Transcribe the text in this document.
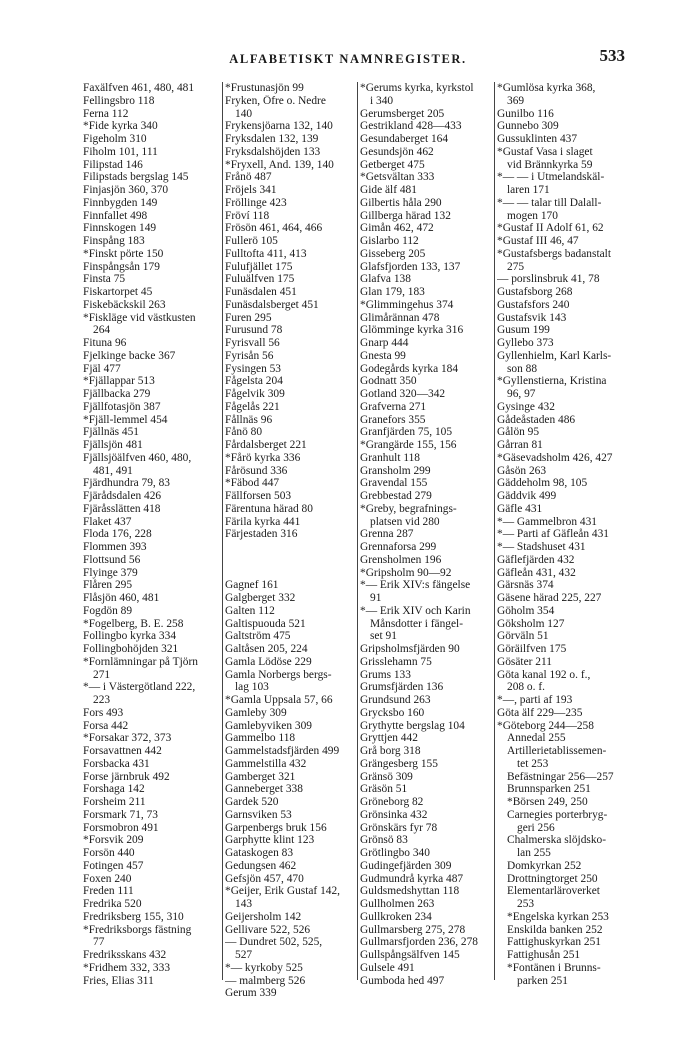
ALFABETISKT NAMNREGISTER.	533
Faxälfven 461, 480, 481
Fellingsbro 118
Ferna 112
*Fide kyrka 340
Figeholm 310
Fiholm 101, 111
Filipstad 146
Filipstads bergslag 145
Finjasjön 360, 370
Finnbygden 149
Finnfallet 498
Finnskogen 149
Finspång 183
*Finskt pörte 150
Finspångsån 179
Finsta 75
Fiskartorpet 45
Fiskebäckskil 263
*Fiskläge vid västkusten
264
Fituna 96
Fjelkinge backe 367
Fjäl 477
*Fjällappar 513
Fjällbacka 279
Fjällfotasjön 387
*Fjäll-lemmel 454
Fjällnäs 451
Fjällsjön 481
Fjällsjöälfven 460, 480,
481, 491
Fjärdhundra 79, 83
Fjärådsdalen 426
Fjäråsslätten 418
Flaket 437
Floda 176, 228
Flommen 393
Flottsund 56
Flyinge 379
Flåren 295
Flåsjön 460, 481
Fogdön 89
*Fogelberg, B. E. 258
Follingbo kyrka 334
Follingbohöjden 321
*Fornlämningar på Tjörn
271
*— i Västergötland 222,
223
Fors 493
Forsa 442
*Forsakar 372, 373
Forsavattnen 442
Forsbacka 431
Forse järnbruk 492
Forshaga 142
Forsheim 211
Forsmark 71, 73
Forsmobron 491
*Forsvik 209
Forsön 440
Fotingen 457
Foxen 240
Freden 111
Fredrika 520
Fredriksberg 155, 310
*Fredriksborgs fästning
77
Fredriksskans 432
*Fridhem 332, 333
Fries, Elias 311
*Frustunasjön 99
Fryken, Öfre o. Nedre
140
Frykensjöarna 132, 140
Fryksdalen 132, 139
Fryksdalshöjden 133
*Fryxell, And. 139, 140
Frånö 487
Fröjels 341
Fröllinge 423
Fröví 118
Frösön 461, 464, 466
Fullerö 105
Fulltofta 411, 413
Fulufjället 175
Fuluälfven 175
Funäsdalen 451
Funäsdalsberget 451
Furen 295
Furusund 78
Fyrisvall 56
Fyrisån 56
Fysingen 53
Fågelsta 204
Fågelvik 309
Fågelås 221
Fållnäs 96
Fånö 80
Fårdalsberget 221
*Fårö kyrka 336
Fårösund 336
*Fäbod 447
Fällforsen 503
Färentuna härad 80
Färila kyrka 441
Färjestaden 316
Gagnef 161
Galgberget 332
Galten 112
Galtispuouda 521
Galtström 475
Galtåsen 205, 224
Gamla Lödöse 229
Gamla Norbergs bergs-
lag 103
*Gamla Uppsala 57, 66
Gamleby 309
Gamlebyviken 309
Gammelbo 118
Gammelstadsfjärden 499
Gammelstilla 432
Gamberget 321
Ganneberget 338
Gardek 520
Garnsviken 53
Garpenbergs bruk 156
Garphytte klint 123
Gataskogen 83
Gedungsen 462
Gefsjön 457, 470
*Geijer, Erik Gustaf 142,
143
Geijersholm 142
Gellivare 522, 526
— Dundret 502, 525,
527
*— kyrkoby 525
— malmberg 526
Gerum 339
*Gerums kyrka, kyrkstol
i 340
Gerumsberget 205
Gestrikland 428—433
Gesundaberget 164
Gesundsjön 462
Getberget 475
*Getsvältan 333
Gide älf 481
Gilbertis håla 290
Gillberga härad 132
Gimån 462, 472
Gislarbo 112
Gisseberg 205
Glafsfjorden 133, 137
Glafva 138
Glan 179, 183
*Glimmingehus 374
Glimårännan 478
Glömminge kyrka 316
Gnarp 444
Gnesta 99
Godegårds kyrka 184
Godnatt 350
Gotland 320—342
Grafverna 271
Granefors 355
Granfjärden 75, 105
*Grangärde 155, 156
Granhult 118
Gransholm 299
Gravendal 155
Grebbestad 279
*Greby, begrafnings-
platsen vid 280
Grenna 287
Grennaforsa 299
Grensholmen 196
*Gripsholm 90—92
*— Erik XIV:s fängelse
91
*— Erik XIV och Karin
Månsdotter i fängel-
set 91
Gripsholmsfjärden 90
Grisslehamn 75
Grums 133
Grumsfjärden 136
Grundsund 263
Grycksbo 160
Grythytte bergslag 104
Gryttjen 442
Grå borg 318
Grängesberg 155
Gränsö 309
Gräsön 51
Gröneborg 82
Grönsinka 432
Grönskärs fyr 78
Grönsö 83
Grötlingbo 340
Gudingefjärden 309
Gudmundrå kyrka 487
Guldsmedshyttan 118
Gullholmen 263
Gullkroken 234
Gullmarsberg 275, 278
Gullmarsfjorden 236, 278
Gullspångsälfven 145
Gulsele 491
Gumboda hed 497
*Gumlösa kyrka 368,
369
Gunilbo 116
Gunnebo 309
Gussuklinten 437
*Gustaf Vasa i slaget
vid Brännkyrka 59
*— — i Utmelandskäl-
laren 171
*— — talar till Dalall-
mogen 170
*Gustaf II Adolf 61, 62
*Gustaf III 46, 47
*Gustafsbergs badanstalt
275
— porslinsbruk 41, 78
Gustafsborg 268
Gustafsfors 240
Gustafsvik 143
Gusum 199
Gyllebo 373
Gyllenhielm, Karl Karls-
son 88
*Gyllenstierna, Kristina
96, 97
Gysinge 432
Gådeåstaden 486
Gålön 95
Gårran 81
*Gäsevadsholm 426, 427
Gåsön 263
Gäddeholm 98, 105
Gäddvik 499
Gäfle 431
*— Gammelbron 431
*— Parti af Gäfleån 431
*— Stadshuset 431
Gäflefjärden 432
Gäfleån 431, 432
Gärsnäs 374
Gäsene härad 225, 227
Göholm 354
Göksholm 127
Görväln 51
Göräilfven 175
Gösäter 211
Göta kanal 192 o. f.,
208 o. f.
*—, parti af 193
Göta älf 229—235
*Göteborg 244—258
Annedal 255
Artillerietablissemen-
tet 253
Befästningar 256—257
Brunnsparken 251
*Börsen 249, 250
Carnegies porterbryg-
geri 256
Chalmerska slöjdsko-
lan 255
Domkyrkan 252
Drottningtorget 250
Elementarläroverket
253
*Engelska kyrkan 253
Enskilda banken 252
Fattighuskyrkan 251
Fattighusån 251
*Fontänen i Brunns-
parken 251
